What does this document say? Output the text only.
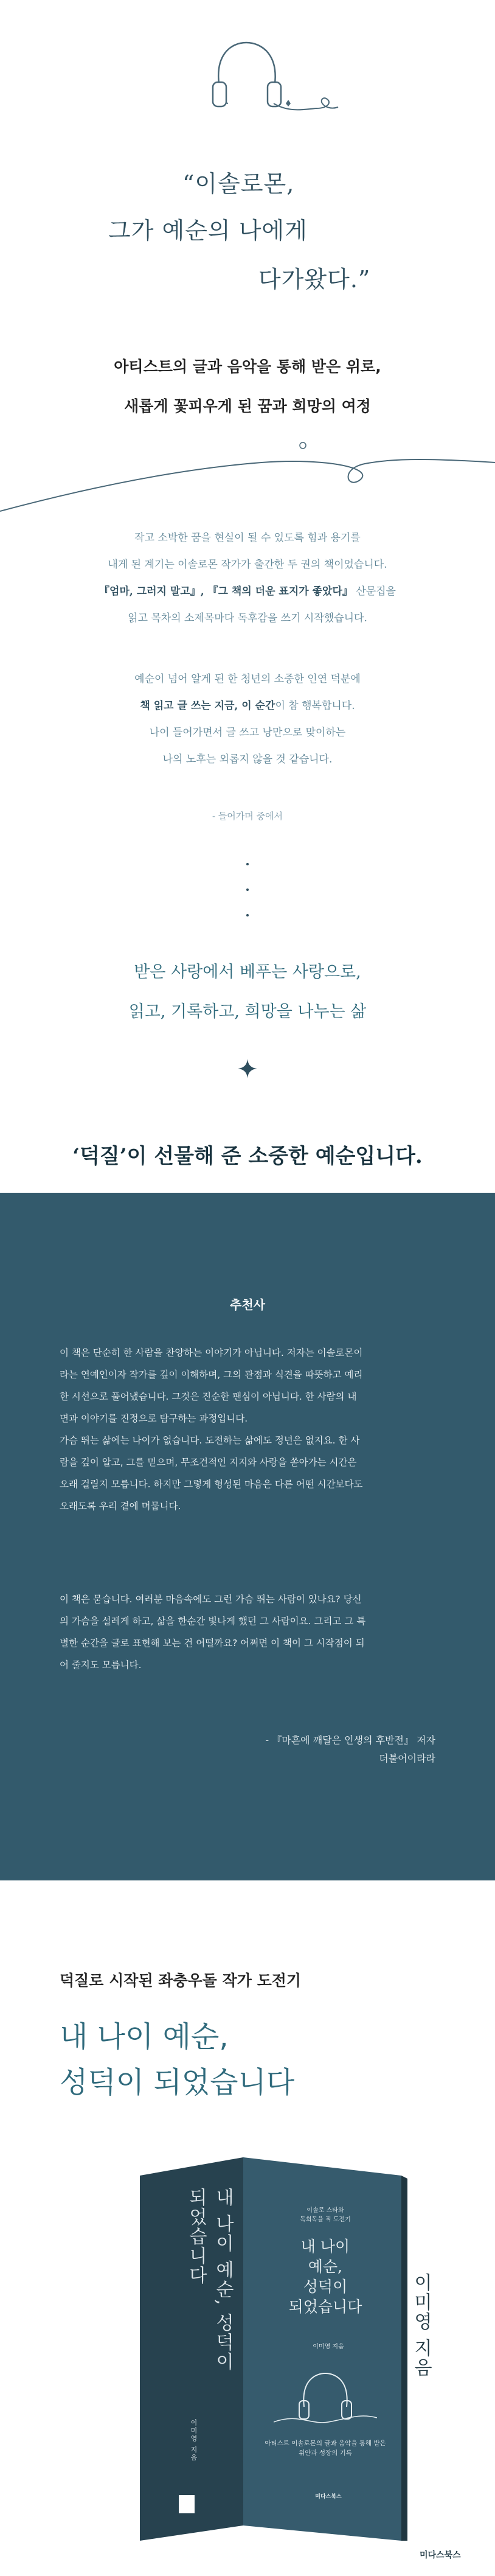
“이솔로몬,
그가 예순의 나에게
다가왔다.”
아티스트의 글과 음악을 통해 받은 위로,
새롭게 꽃피우게 된 꿈과 희망의 여정
작고 소박한 꿈을 현실이 될 수 있도록 힘과 용기를
내게 된 계기는 이솔로몬 작가가 출간한 두 권의 책이었습니다.
『엄마, 그러지 말고』, 『그 책의 더운 표지가 좋았다』 산문집을
읽고 목차의 소제목마다 독후감을 쓰기 시작했습니다.
예순이 넘어 알게 된 한 청년의 소중한 인연 덕분에
책 읽고 글 쓰는 지금, 이 순간이 참 행복합니다.
나이 들어가면서 글 쓰고 낭만으로 맞이하는
나의 노후는 외롭지 않을 것 같습니다.
- 들어가며 중에서
받은 사랑에서 베푸는 사랑으로,
읽고, 기록하고, 희망을 나누는 삶
‘덕질’이 선물해 준 소중한 예순입니다.
추천사
이 책은 단순히 한 사람을 찬양하는 이야기가 아닙니다. 저자는 이솔로몬이
라는 연예인이자 작가를 깊이 이해하며, 그의 관점과 식견을 따뜻하고 예리
한 시선으로 풀어냈습니다. 그것은 진순한 팬심이 아닙니다. 한 사람의 내
면과 이야기를 진정으로 탐구하는 과정입니다.
가슴 뛰는 삶에는 나이가 없습니다. 도전하는 삶에도 정년은 없지요. 한 사
람을 깊이 알고, 그를 믿으며, 무조건적인 지지와 사랑을 쏟아가는 시간은
오래 걸릴지 모릅니다. 하지만 그렇게 형성된 마음은 다른 어떤 시간보다도
오래도록 우리 곁에 머뭅니다.
이 책은 묻습니다. 여러분 마음속에도 그런 가슴 뛰는 사람이 있나요? 당신
의 가슴을 설레게 하고, 삶을 한순간 빛나게 했던 그 사람이요. 그리고 그 특
별한 순간을 글로 표현해 보는 건 어떨까요? 어쩌면 이 책이 그 시작점이 되
어 줄지도 모릅니다.
- 『마흔에 깨달은 인생의 후반전』 저자
더불어이라라
덕질로 시작된 좌충우돌 작가 도전기
내 나이 예순,
성덕이 되었습니다
이솔로 스타와
독희독을 직 도전기
내 나이
예순,
성덕이
되었습니다
이미영 지음
아티스트 이솔로몬의 글과 음악을 통해 받은
위안과 성장의 기록
미다스북스
내 나이 예순, 성덕이 되었습니다
이미영 지음
이미영 지음
미다스북스
